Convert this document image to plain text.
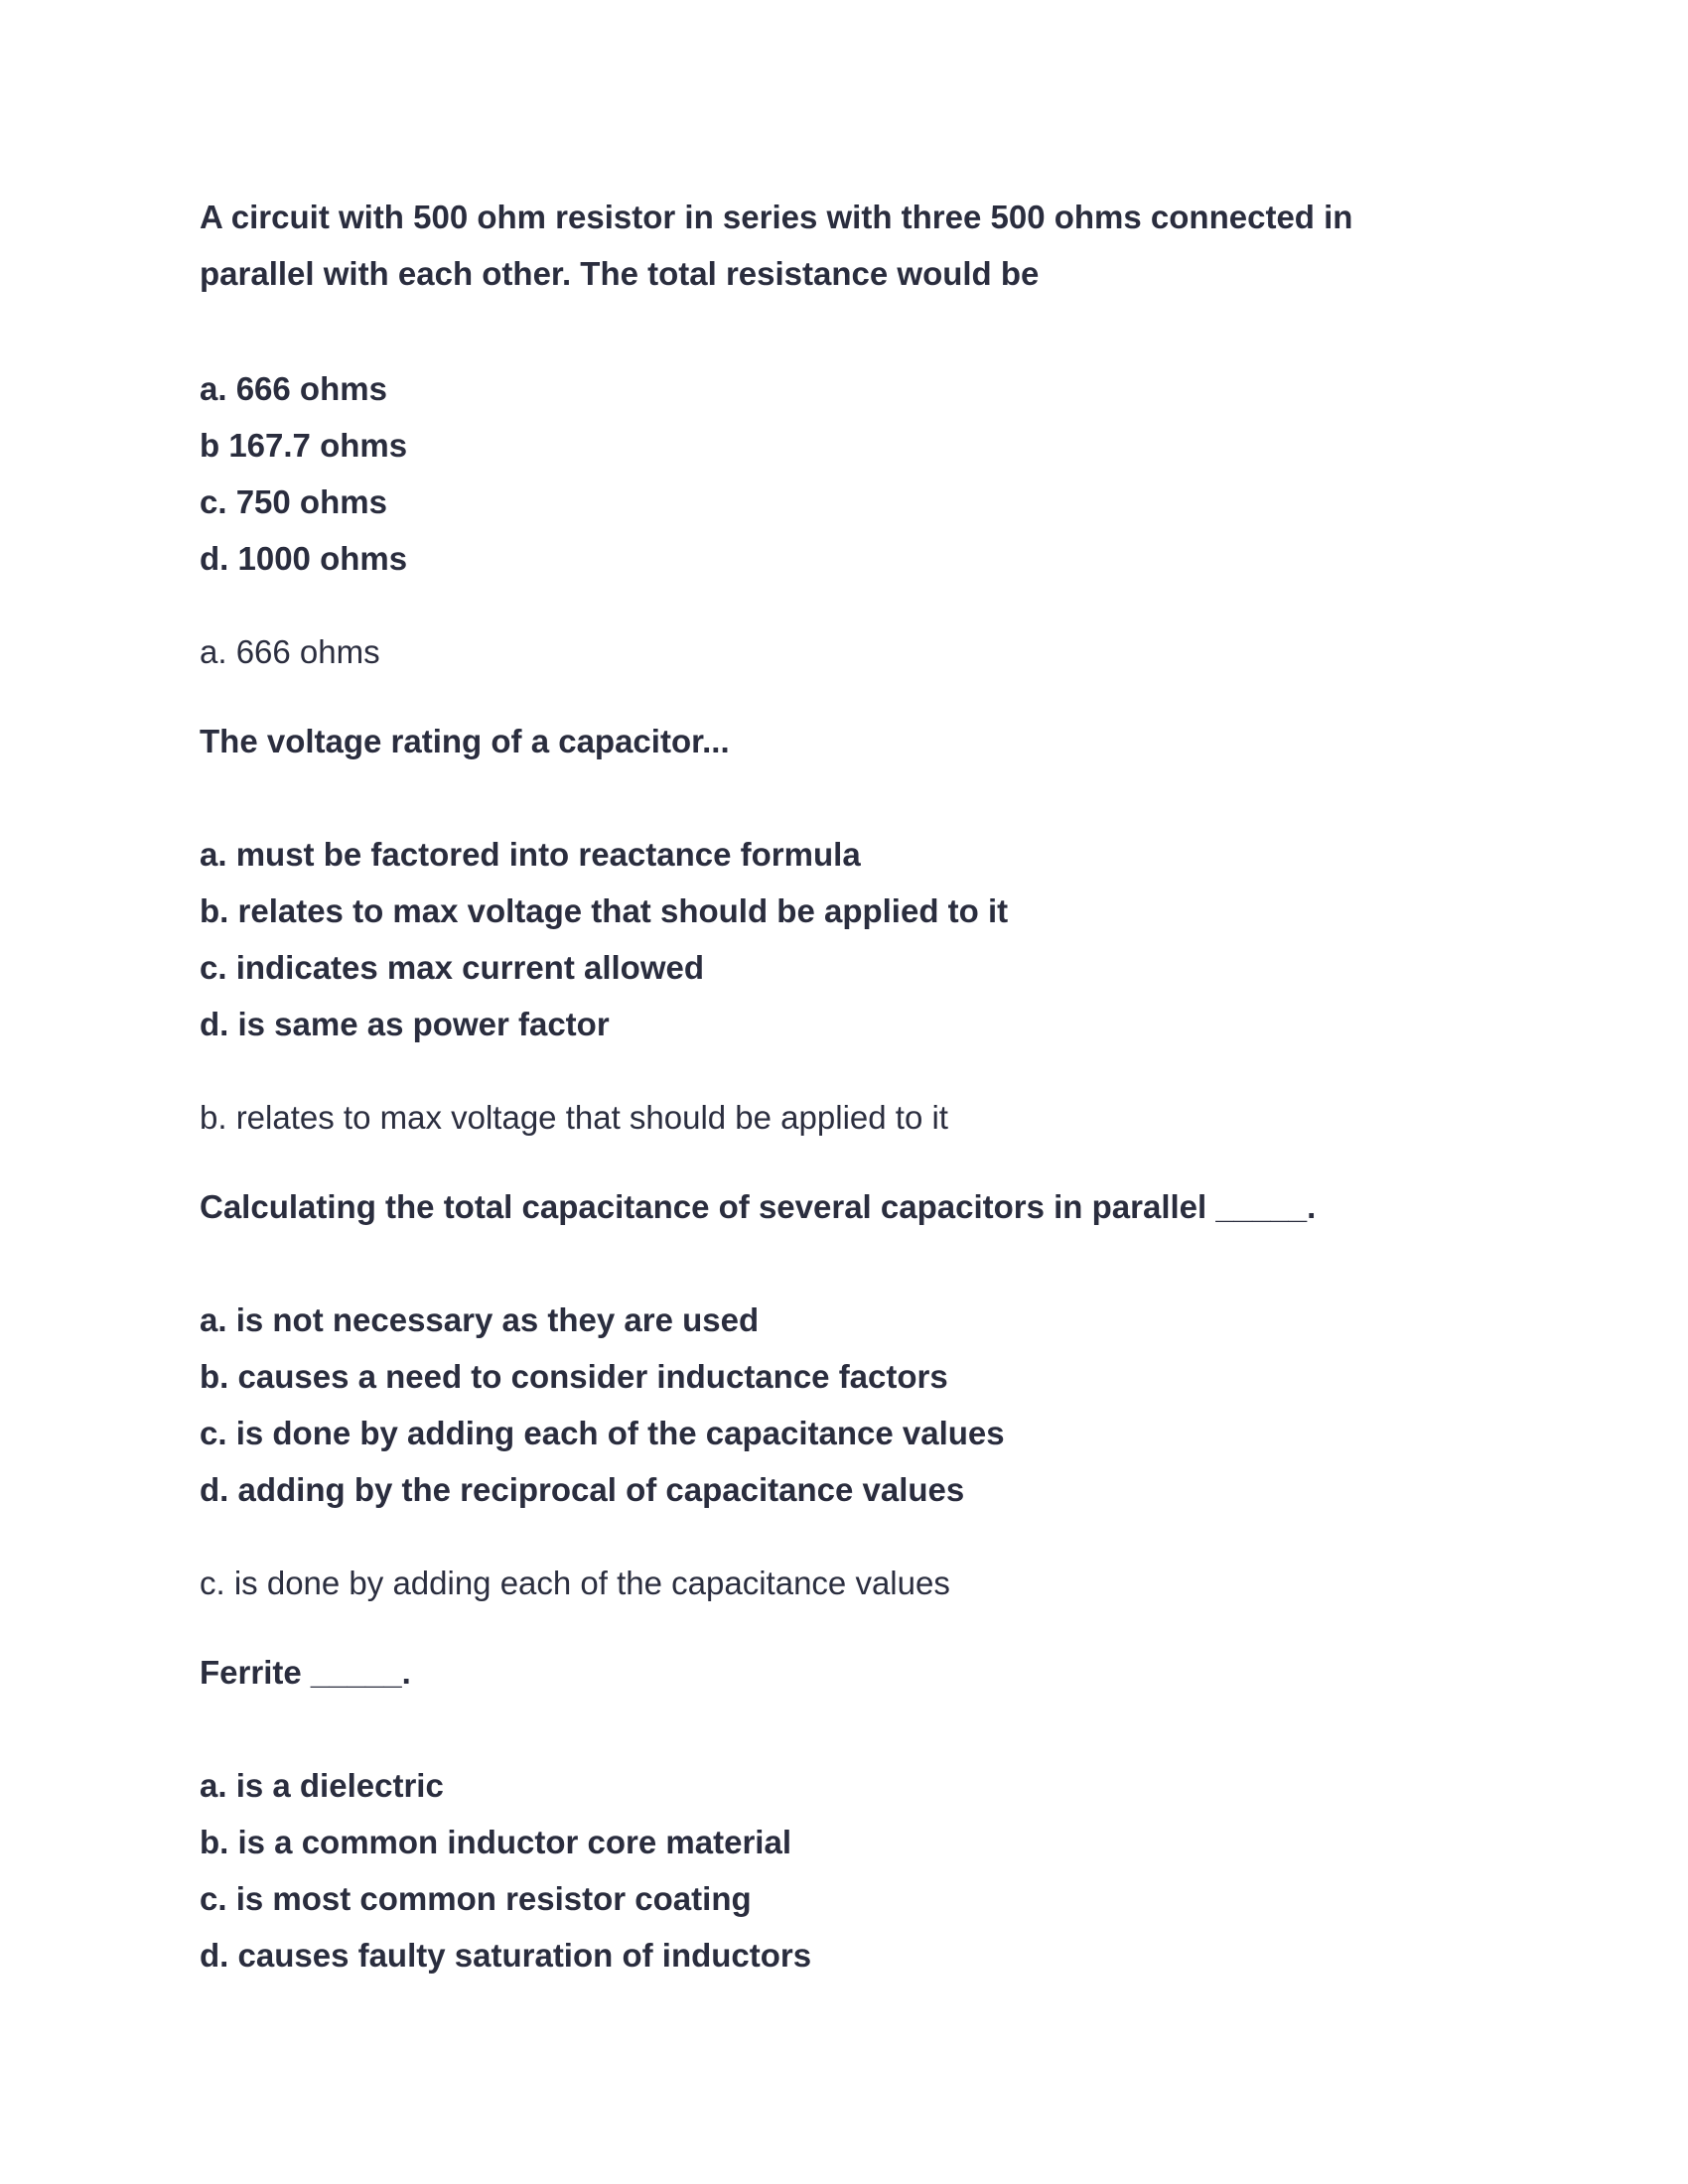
A circuit with 500 ohm resistor in series with three 500 ohms connected in parallel with each other. The total resistance would be

a. 666 ohms
b 167.7 ohms
c. 750 ohms
d. 1000 ohms

a. 666 ohms

The voltage rating of a capacitor...

a. must be factored into reactance formula
b. relates to max voltage that should be applied to it
c. indicates max current allowed
d. is same as power factor

b. relates to max voltage that should be applied to it

Calculating the total capacitance of several capacitors in parallel _____.

a. is not necessary as they are used
b. causes a need to consider inductance factors
c. is done by adding each of the capacitance values
d. adding by the reciprocal of capacitance values

c. is done by adding each of the capacitance values

Ferrite _____.

a. is a dielectric
b. is a common inductor core material
c. is most common resistor coating
d. causes faulty saturation of inductors
